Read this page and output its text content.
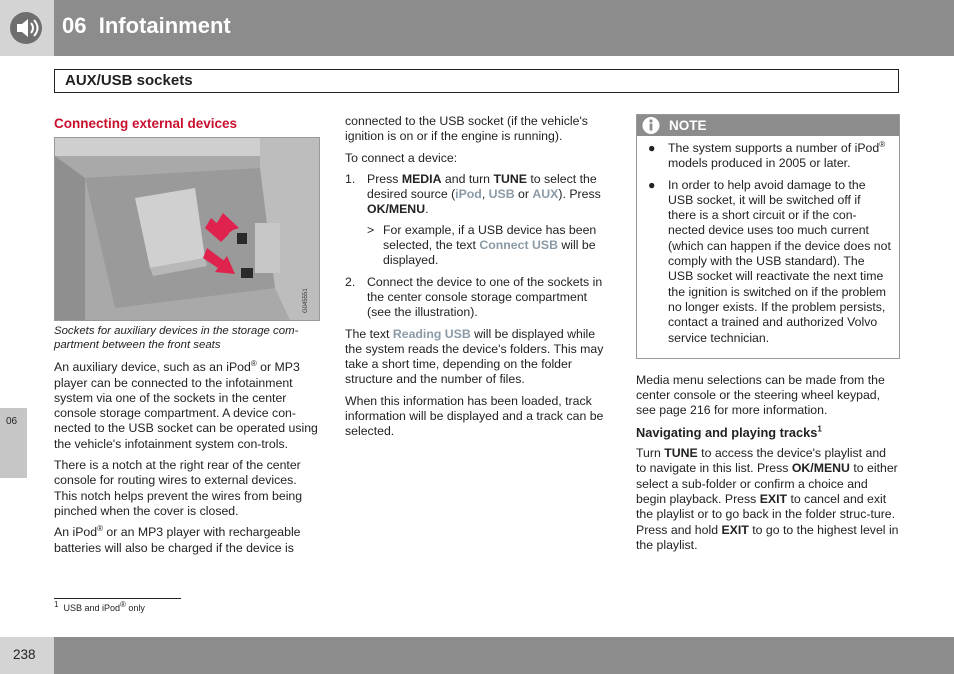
06 Infotainment
AUX/USB sockets
06

Connecting external devices

G045551

Sockets for auxiliary devices in the storage com-partment between the front seats

An auxiliary device, such as an iPod® or MP3 player can be connected to the infotainment system via one of the sockets in the center console storage compartment. A device con-nected to the USB socket can be operated using the vehicle's infotainment system con-trols.

There is a notch at the right rear of the center console for routing wires to external devices. This notch helps prevent the wires from being pinched when the cover is closed.

An iPod® or an MP3 player with rechargeable batteries will also be charged if the device is

connected to the USB socket (if the vehicle's ignition is on or if the engine is running).

To connect a device:

1. Press MEDIA and turn TUNE to select the desired source (iPod, USB or AUX). Press OK/MENU.
> For example, if a USB device has been selected, the text Connect USB will be displayed.
2. Connect the device to one of the sockets in the center console storage compartment (see the illustration).

The text Reading USB will be displayed while the system reads the device's folders. This may take a short time, depending on the folder structure and the number of files.

When this information has been loaded, track information will be displayed and a track can be selected.

NOTE
● The system supports a number of iPod® models produced in 2005 or later.
● In order to help avoid damage to the USB socket, it will be switched off if there is a short circuit or if the con-nected device uses too much current (which can happen if the device does not comply with the USB standard). The USB socket will reactivate the next time the ignition is switched on if the problem no longer exists. If the problem persists, contact a trained and authorized Volvo service technician.

Media menu selections can be made from the center console or the steering wheel keypad, see page 216 for more information.

Navigating and playing tracks$^1$

Turn TUNE to access the device's playlist and to navigate in this list. Press OK/MENU to either select a sub-folder or confirm a choice and begin playback. Press EXIT to cancel and exit the playlist or to go back in the folder struc-ture. Press and hold EXIT to go to the highest level in the playlist.

$^1$ USB and iPod® only
238
